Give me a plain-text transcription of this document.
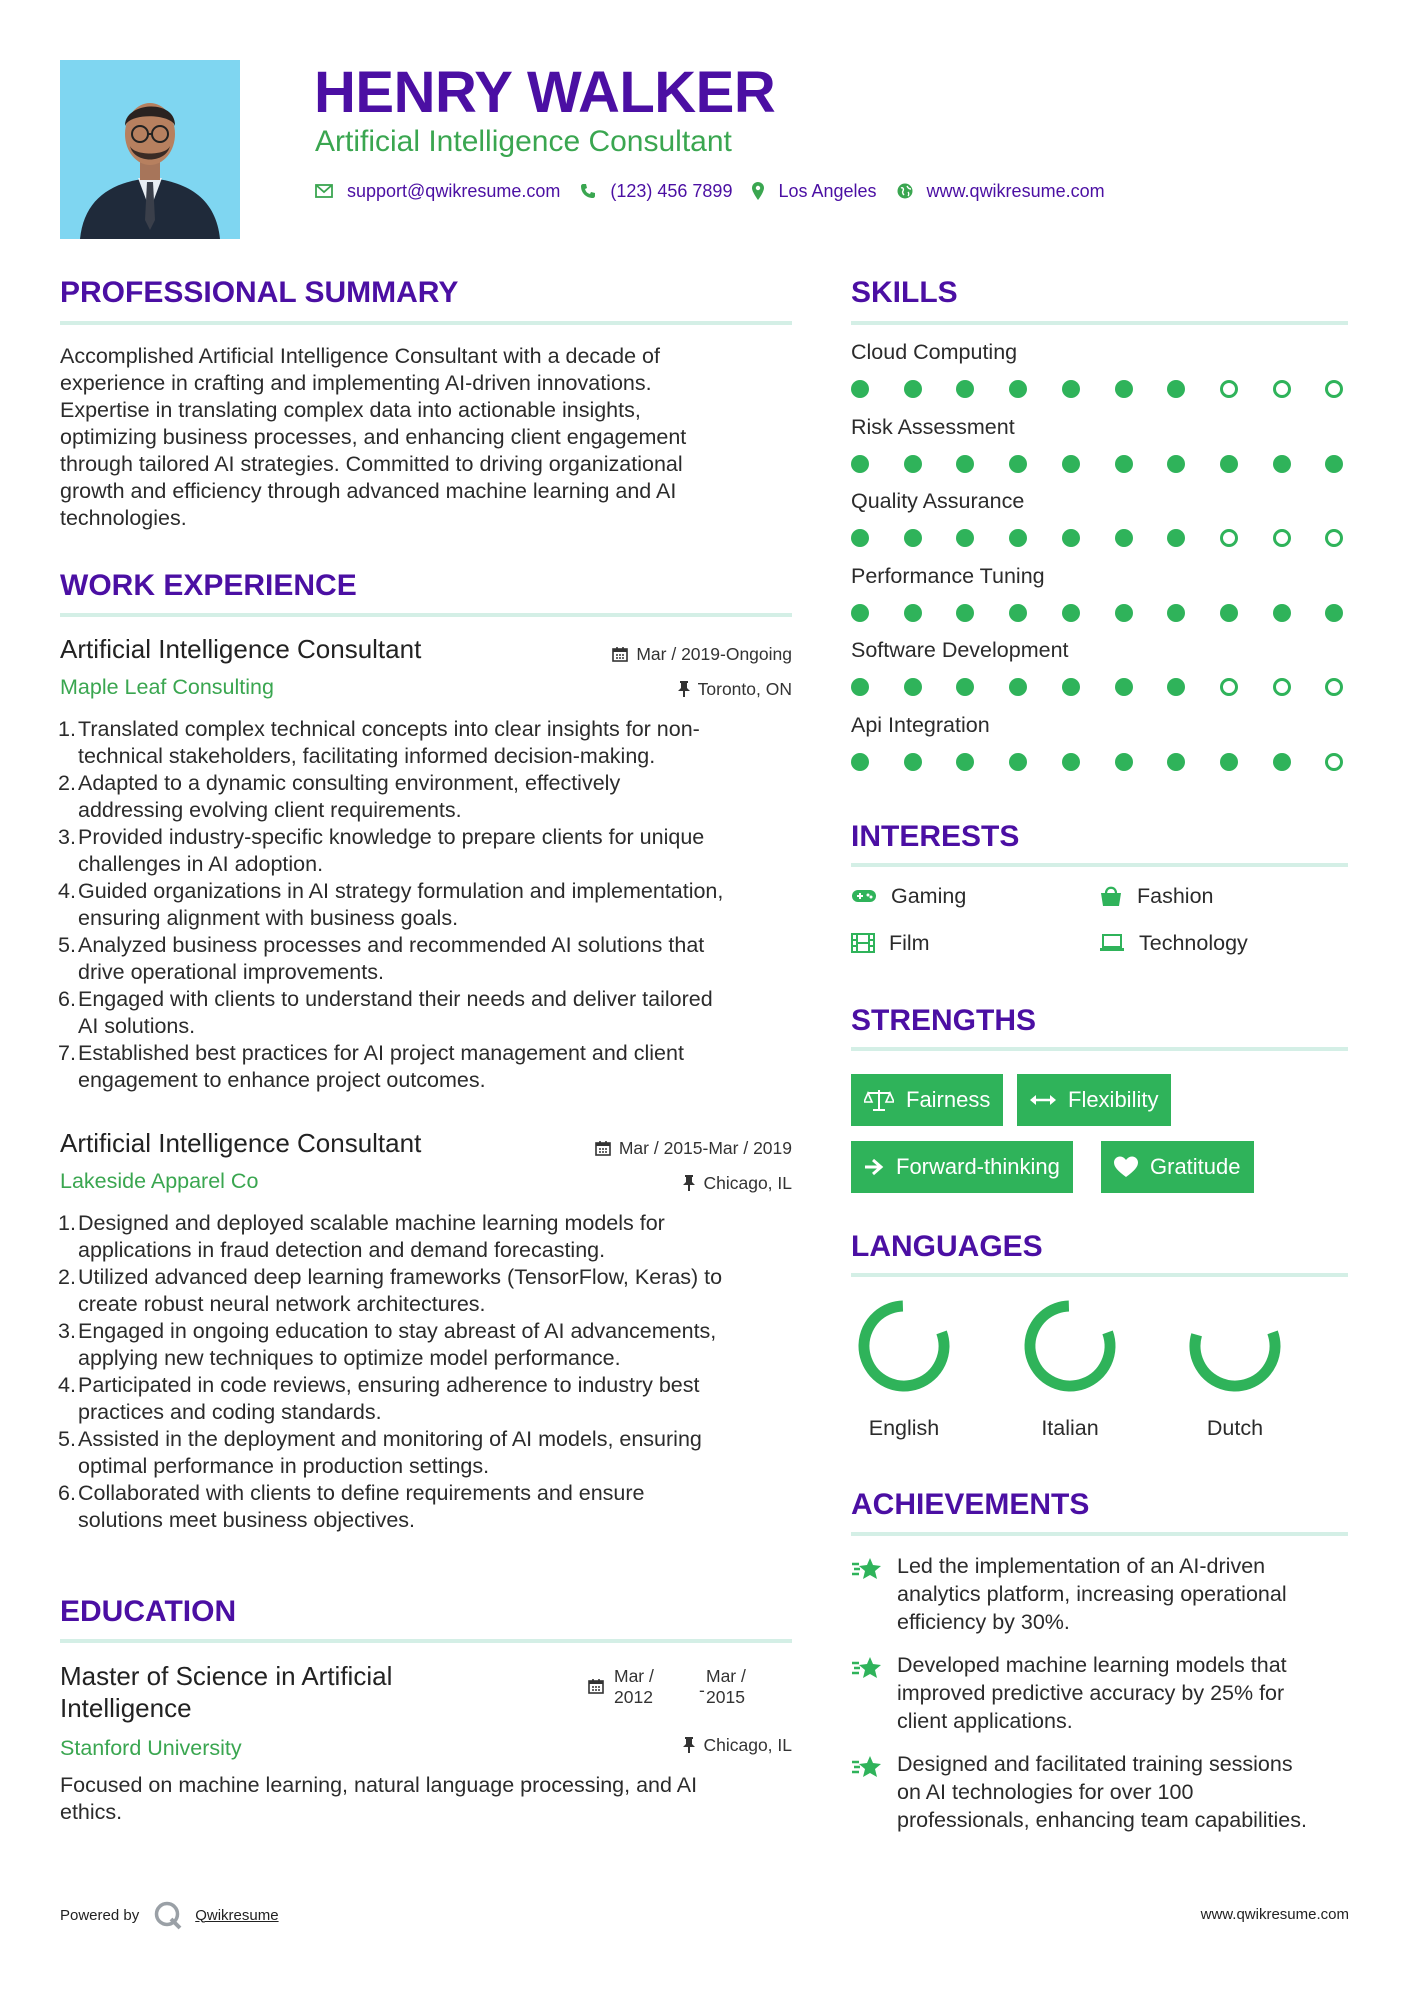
HENRY WALKER
Artificial Intelligence Consultant
support@qwikresume.com	(123) 456 7899	Los Angeles	www.qwikresume.com
PROFESSIONAL SUMMARY
Accomplished Artificial Intelligence Consultant with a decade of
experience in crafting and implementing AI-driven innovations.
Expertise in translating complex data into actionable insights,
optimizing business processes, and enhancing client engagement
through tailored AI strategies. Committed to driving organizational
growth and efficiency through advanced machine learning and AI
technologies.
WORK EXPERIENCE
Artificial Intelligence Consultant	Mar / 2019-Ongoing
Maple Leaf Consulting	Toronto, ON
Translated complex technical concepts into clear insights for non-
technical stakeholders, facilitating informed decision-making.
Adapted to a dynamic consulting environment, effectively
addressing evolving client requirements.
Provided industry-specific knowledge to prepare clients for unique
challenges in AI adoption.
Guided organizations in AI strategy formulation and implementation,
ensuring alignment with business goals.
Analyzed business processes and recommended AI solutions that
drive operational improvements.
Engaged with clients to understand their needs and deliver tailored
AI solutions.
Established best practices for AI project management and client
engagement to enhance project outcomes.
Artificial Intelligence Consultant	Mar / 2015-Mar / 2019
Lakeside Apparel Co	Chicago, IL
Designed and deployed scalable machine learning models for
applications in fraud detection and demand forecasting.
Utilized advanced deep learning frameworks (TensorFlow, Keras) to
create robust neural network architectures.
Engaged in ongoing education to stay abreast of AI advancements,
applying new techniques to optimize model performance.
Participated in code reviews, ensuring adherence to industry best
practices and coding standards.
Assisted in the deployment and monitoring of AI models, ensuring
optimal performance in production settings.
Collaborated with clients to define requirements and ensure
solutions meet business objectives.
EDUCATION
Master of Science in Artificial
Intelligence
Mar /
2012	-
Mar /
2015
Stanford University	Chicago, IL
Focused on machine learning, natural language processing, and AI
ethics.
SKILLS
Cloud Computing
Risk Assessment
Quality Assurance
Performance Tuning
Software Development
Api Integration
INTERESTS
Gaming	Fashion
Film	Technology
STRENGTHS
Fairness	Flexibility
Forward-thinking	Gratitude
LANGUAGES
English	Italian	Dutch
ACHIEVEMENTS
Led the implementation of an AI-driven
analytics platform, increasing operational
efficiency by 30%.
Developed machine learning models that
improved predictive accuracy by 25% for
client applications.
Designed and facilitated training sessions
on AI technologies for over 100
professionals, enhancing team capabilities.
Powered by	Qwikresume	www.qwikresume.com
